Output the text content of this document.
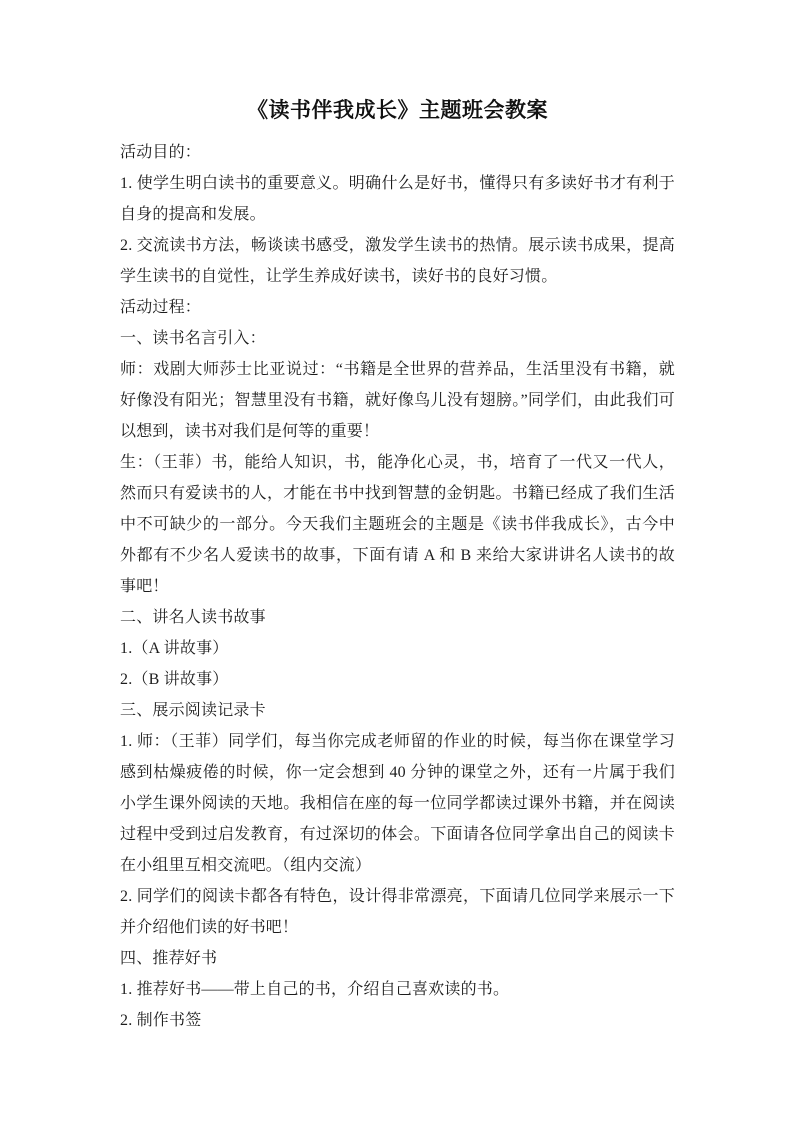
《读书伴我成长》主题班会教案

活动目的：

1. 使学生明白读书的重要意义。明确什么是好书，懂得只有多读好书才有利于自身的提高和发展。

2. 交流读书方法，畅谈读书感受，激发学生读书的热情。展示读书成果，提高学生读书的自觉性，让学生养成好读书，读好书的良好习惯。

活动过程：

一、读书名言引入：

师：戏剧大师莎士比亚说过：“书籍是全世界的营养品，生活里没有书籍，就好像没有阳光；智慧里没有书籍，就好像鸟儿没有翅膀。”同学们，由此我们可以想到，读书对我们是何等的重要！

生：（王菲）书，能给人知识，书，能净化心灵，书，培育了一代又一代人，然而只有爱读书的人，才能在书中找到智慧的金钥匙。书籍已经成了我们生活中不可缺少的一部分。今天我们主题班会的主题是《读书伴我成长》，古今中外都有不少名人爱读书的故事，下面有请 A 和 B 来给大家讲讲名人读书的故事吧！

二、讲名人读书故事

1.（A 讲故事）

2.（B 讲故事）

三、展示阅读记录卡

1. 师：（王菲）同学们，每当你完成老师留的作业的时候，每当你在课堂学习感到枯燥疲倦的时候，你一定会想到 40 分钟的课堂之外，还有一片属于我们小学生课外阅读的天地。我相信在座的每一位同学都读过课外书籍，并在阅读过程中受到过启发教育，有过深切的体会。下面请各位同学拿出自己的阅读卡在小组里互相交流吧。（组内交流）

2. 同学们的阅读卡都各有特色，设计得非常漂亮，下面请几位同学来展示一下并介绍他们读的好书吧！

四、推荐好书

1. 推荐好书——带上自己的书，介绍自己喜欢读的书。

2. 制作书签
